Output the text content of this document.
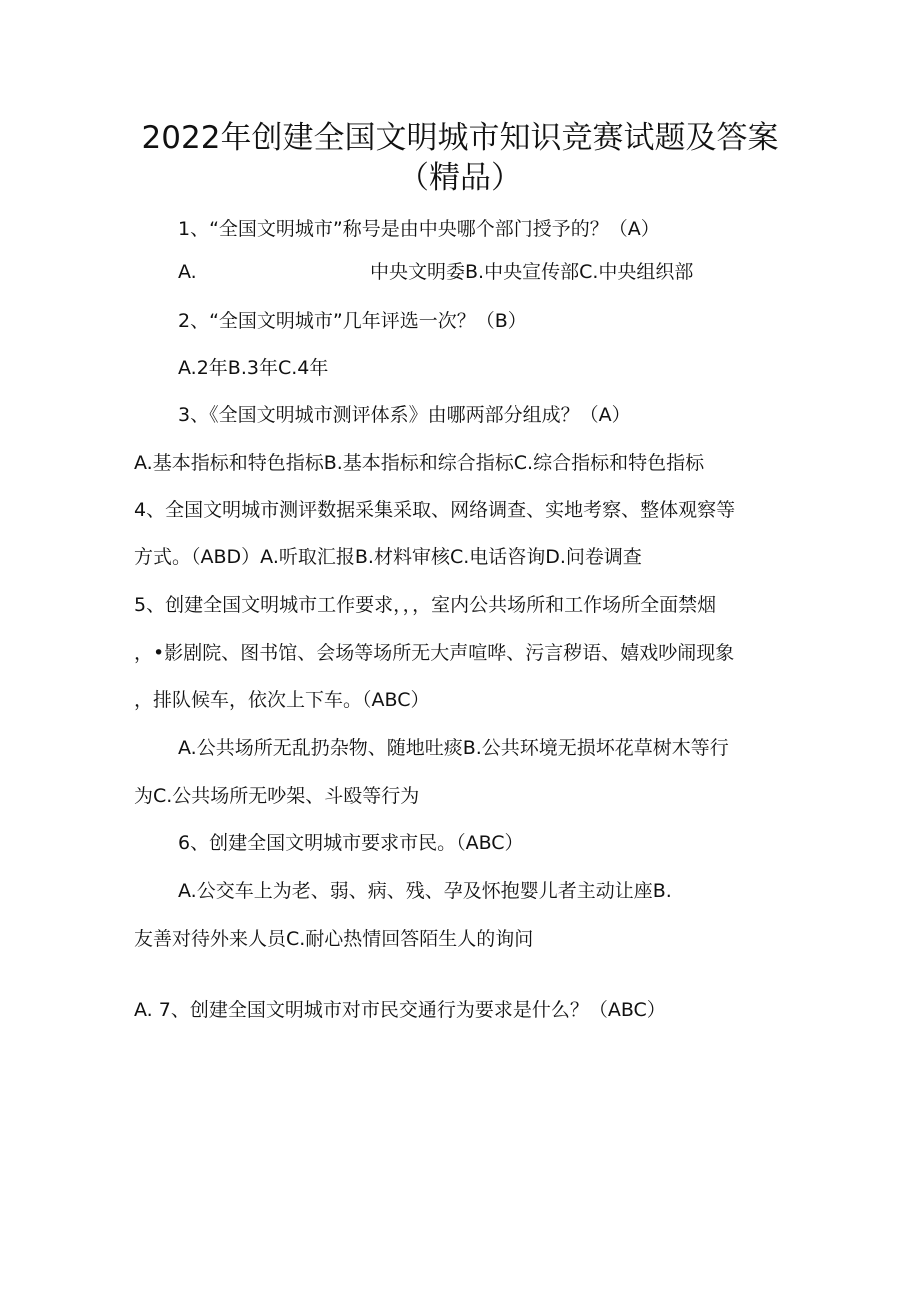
2022年创建全国文明城市知识竞赛试题及答案
（精品）

1、“全国文明城市”称号是由中央哪个部门授予的？（A）

A.	中央文明委B.中央宣传部C.中央组织部

2、“全国文明城市”几年评选一次？（B）

A.2年B.3年C.4年

3、《全国文明城市测评体系》由哪两部分组成？（A）

A.基本指标和特色指标B.基本指标和综合指标C.综合指标和特色指标

4、全国文明城市测评数据采集采取、网络调查、实地考察、整体观察等

方式。（ABD）A.听取汇报B.材料审核C.电话咨询D.问卷调查

5、创建全国文明城市工作要求，，，室内公共场所和工作场所全面禁烟

，•影剧院、图书馆、会场等场所无大声喧哗、污言秽语、嬉戏吵闹现象

，排队候车，依次上下车。（ABC）

A.公共场所无乱扔杂物、随地吐痰B.公共环境无损坏花草树木等行

为C.公共场所无吵架、斗殴等行为

6、创建全国文明城市要求市民。（ABC）

A.公交车上为老、弱、病、残、孕及怀抱婴儿者主动让座B.

友善对待外来人员C.耐心热情回答陌生人的询问

A. 7、创建全国文明城市对市民交通行为要求是什么？（ABC）
